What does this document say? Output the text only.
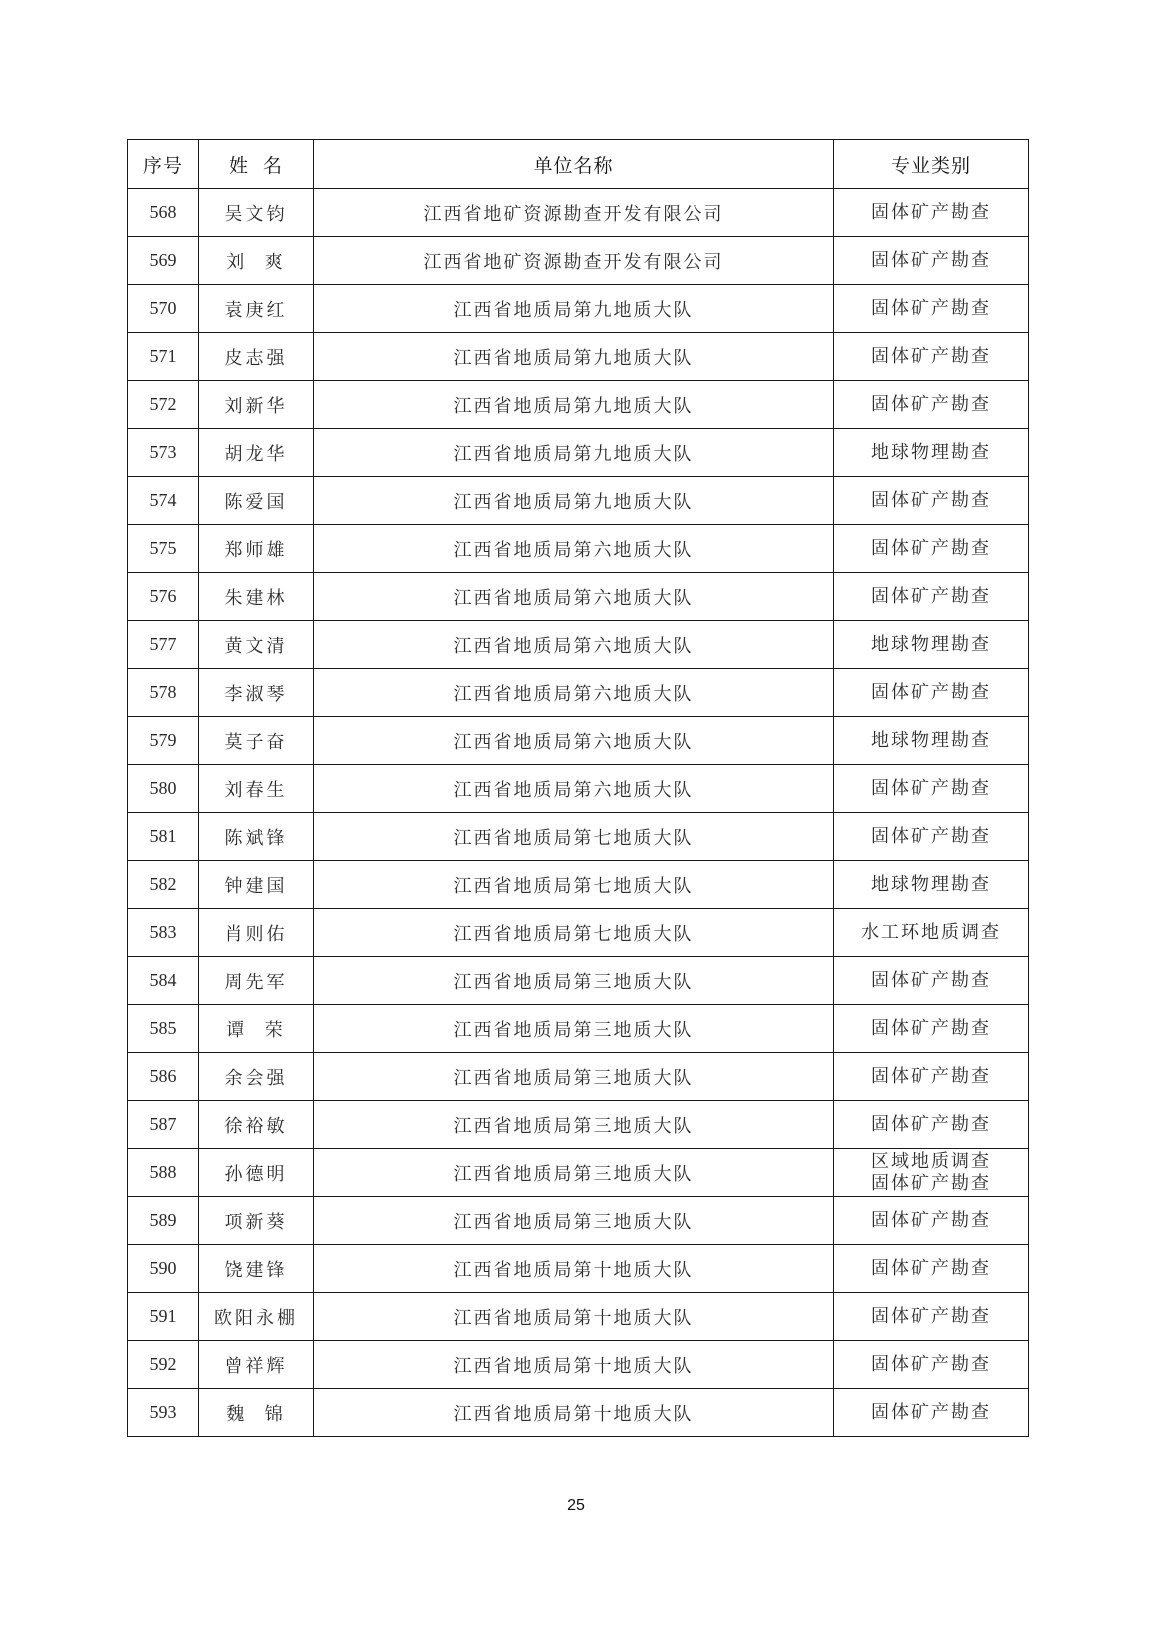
序号	姓  名	单位名称	专业类别
568	吴文钧	江西省地矿资源勘查开发有限公司	固体矿产勘查

569	刘  爽	江西省地矿资源勘查开发有限公司	固体矿产勘查

570	袁庚红	江西省地质局第九地质大队	固体矿产勘查

571	皮志强	江西省地质局第九地质大队	固体矿产勘查

572	刘新华	江西省地质局第九地质大队	固体矿产勘查

573	胡龙华	江西省地质局第九地质大队	地球物理勘查

574	陈爱国	江西省地质局第九地质大队	固体矿产勘查

575	郑师雄	江西省地质局第六地质大队	固体矿产勘查

576	朱建林	江西省地质局第六地质大队	固体矿产勘查

577	黄文清	江西省地质局第六地质大队	地球物理勘查

578	李淑琴	江西省地质局第六地质大队	固体矿产勘查

579	莫子奋	江西省地质局第六地质大队	地球物理勘查

580	刘春生	江西省地质局第六地质大队	固体矿产勘查

581	陈斌锋	江西省地质局第七地质大队	固体矿产勘查

582	钟建国	江西省地质局第七地质大队	地球物理勘查

583	肖则佑	江西省地质局第七地质大队	水工环地质调查

584	周先军	江西省地质局第三地质大队	固体矿产勘查

585	谭  荣	江西省地质局第三地质大队	固体矿产勘查

586	余会强	江西省地质局第三地质大队	固体矿产勘查

587	徐裕敏	江西省地质局第三地质大队	固体矿产勘查

588	孙德明	江西省地质局第三地质大队	区域地质调查
固体矿产勘查

589	项新葵	江西省地质局第三地质大队	固体矿产勘查

590	饶建锋	江西省地质局第十地质大队	固体矿产勘查

591	欧阳永棚	江西省地质局第十地质大队	固体矿产勘查

592	曾祥辉	江西省地质局第十地质大队	固体矿产勘查

593	魏  锦	江西省地质局第十地质大队	固体矿产勘查
25
